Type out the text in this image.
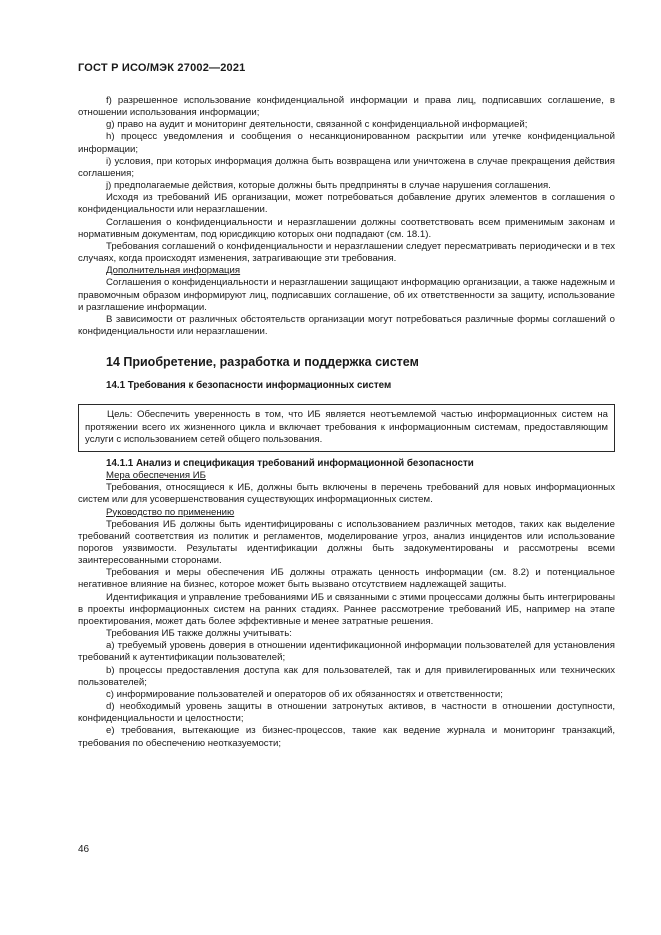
ГОСТ Р ИСО/МЭК 27002—2021

f) разрешенное использование конфиденциальной информации и права лиц, подписавших соглашение, в отношении использования информации;

g) право на аудит и мониторинг деятельности, связанной с конфиденциальной информацией;

h) процесс уведомления и сообщения о несанкционированном раскрытии или утечке конфиденциальной информации;

i) условия, при которых информация должна быть возвращена или уничтожена в случае прекращения действия соглашения;

j) предполагаемые действия, которые должны быть предприняты в случае нарушения соглашения.

Исходя из требований ИБ организации, может потребоваться добавление других элементов в соглашения о конфиденциальности или неразглашении.

Соглашения о конфиденциальности и неразглашении должны соответствовать всем применимым законам и нормативным документам, под юрисдикцию которых они подпадают (см. 18.1).

Требования соглашений о конфиденциальности и неразглашении следует пересматривать периодически и в тех случаях, когда происходят изменения, затрагивающие эти требования.

Дополнительная информация

Соглашения о конфиденциальности и неразглашении защищают информацию организации, а также надежным и правомочным образом информируют лиц, подписавших соглашение, об их ответственности за защиту, использование и разглашение информации.

В зависимости от различных обстоятельств организации могут потребоваться различные формы соглашений о конфиденциальности или неразглашении.

14 Приобретение, разработка и поддержка систем
14.1 Требования к безопасности информационных систем

Цель: Обеспечить уверенность в том, что ИБ является неотъемлемой частью информационных систем на протяжении всего их жизненного цикла и включает требования к информационным системам, предоставляющим услуги с использованием сетей общего пользования.

14.1.1 Анализ и спецификация требований информационной безопасности

Мера обеспечения ИБ

Требования, относящиеся к ИБ, должны быть включены в перечень требований для новых информационных систем или для усовершенствования существующих информационных систем.

Руководство по применению

Требования ИБ должны быть идентифицированы с использованием различных методов, таких как выделение требований соответствия из политик и регламентов, моделирование угроз, анализ инцидентов или использование порогов уязвимости. Результаты идентификации должны быть задокументированы и рассмотрены всеми заинтересованными сторонами.

Требования и меры обеспечения ИБ должны отражать ценность информации (см. 8.2) и потенциальное негативное влияние на бизнес, которое может быть вызвано отсутствием надлежащей защиты.

Идентификация и управление требованиями ИБ и связанными с этими процессами должны быть интегрированы в проекты информационных систем на ранних стадиях. Раннее рассмотрение требований ИБ, например на этапе проектирования, может дать более эффективные и менее затратные решения.

Требования ИБ также должны учитывать:

a) требуемый уровень доверия в отношении идентификационной информации пользователей для установления требований к аутентификации пользователей;

b) процессы предоставления доступа как для пользователей, так и для привилегированных или технических пользователей;

c) информирование пользователей и операторов об их обязанностях и ответственности;

d) необходимый уровень защиты в отношении затронутых активов, в частности в отношении доступности, конфиденциальности и целостности;

e) требования, вытекающие из бизнес-процессов, такие как ведение журнала и мониторинг транзакций, требования по обеспечению неотказуемости;

46
